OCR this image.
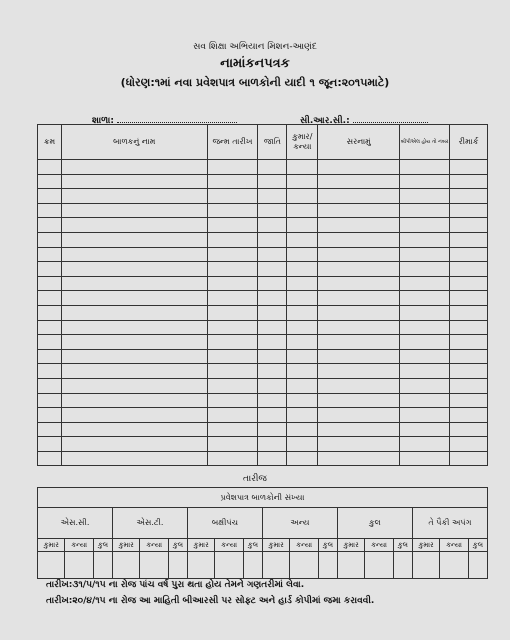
સવ શિક્ષા અભિયાન મિશન-આણંદ
નામાંકનપત્રક
(ધોરણ:૧માં નવા પ્રવેશપાત્ર બાળકોની યાદી ૧ જૂન:૨૦૧૫માટે)
શાળા:	સી.આર.સી.:
ક્રમ	બાળકનું નામ	જન્મ તારીખ	જાતિ	કુમાર/ કન્યા	સરનામું	બીપીએલ હોય તો નંબર	રીમાર્ક

તારીજ
પ્રવેશપાત્ર બાળકોની સંખ્યા																	
એસ.સી.			એસ.ટી.			બક્ષીપંચ			અન્ય			કુલ			તે પૈકી અપંગ		
કુમાર	કન્યા	કુલ	કુમાર	કન્યા	કુલ	કુમાર	કન્યા	કુલ	કુમાર	કન્યા	કુલ	કુમાર	કન્યા	કુલ	કુમાર	કન્યા	કુલ

તારીખ:૩૧/૫/૧૫ ના રોજ પાંચ વર્ષ પુરા થતા હોય તેમને ગણતરીમાં લેવા.
તારીખ:૨૦/૪/૧૫ ના રોજ આ માહિતી બીઆરસી પર સોફ્ટ અને હાર્ડ કોપીમાં જમા કરાવવી.
